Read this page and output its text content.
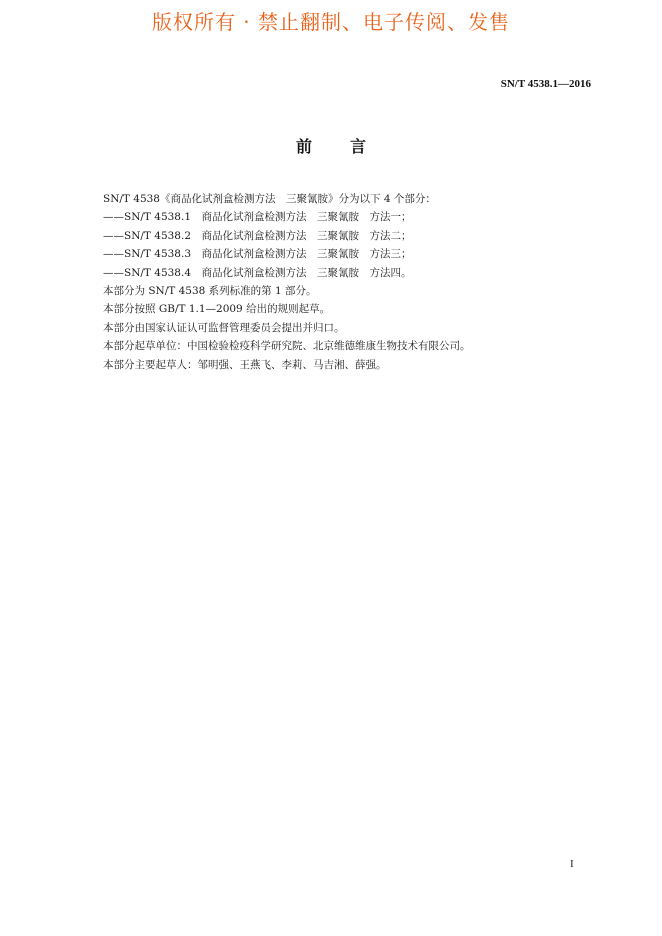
版权所有 · 禁止翻制、电子传阅、发售
SN/T 4538.1—2016
前言
SN/T 4538《商品化试剂盒检测方法　三聚氰胺》分为以下 4 个部分：
——SN/T 4538.1　商品化试剂盒检测方法　三聚氰胺　方法一；
——SN/T 4538.2　商品化试剂盒检测方法　三聚氰胺　方法二；
——SN/T 4538.3　商品化试剂盒检测方法　三聚氰胺　方法三；
——SN/T 4538.4　商品化试剂盒检测方法　三聚氰胺　方法四。
本部分为 SN/T 4538 系列标准的第 1 部分。
本部分按照 GB/T 1.1—2009 给出的规则起草。
本部分由国家认证认可监督管理委员会提出并归口。
本部分起草单位：中国检验检疫科学研究院、北京维德维康生物技术有限公司。
本部分主要起草人：邹明强、王燕飞、李莉、马吉湘、薛强。
I
